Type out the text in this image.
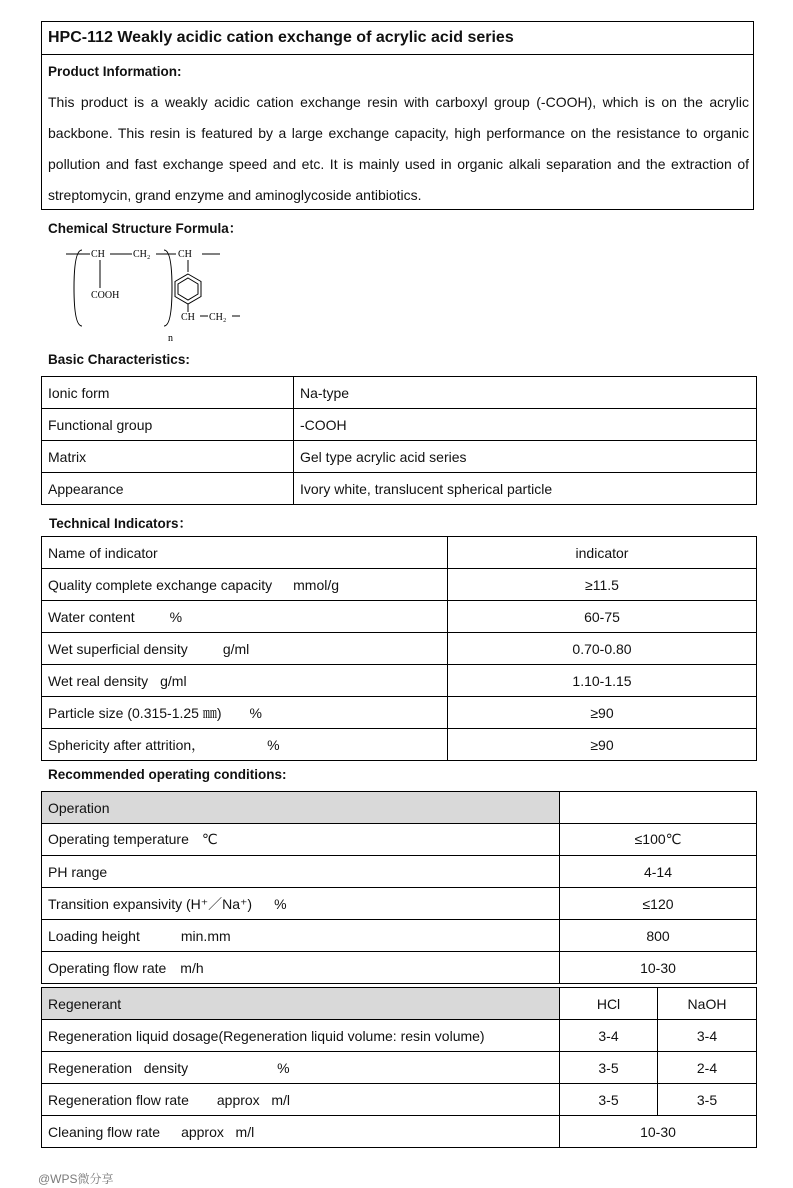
HPC-112 Weakly acidic cation exchange of acrylic acid series
Product Information:
This product is a weakly acidic cation exchange resin with carboxyl group (-COOH), which is on the acrylic backbone. This resin is featured by a large exchange capacity, high performance on the resistance to organic pollution and fast exchange speed and etc. It is mainly used in organic alkali separation and the extraction of streptomycin, grand enzyme and aminoglycoside antibiotics.
Chemical Structure Formula：
CH	CH₂	CH
COOH
CH CH₂
n
Basic Characteristics:
Ionic form	Na-type
Functional group	-COOH
Matrix	Gel type acrylic acid series
Appearance	Ivory white, translucent spherical particle
Technical Indicators：
Name of indicator	indicator
Quality complete exchange capacity mmol/g	≥11.5
Water content %	60-75
Wet superficial density g/ml	0.70-0.80
Wet real density g/ml	1.10-1.15
Particle size (0.315-1.25 ㎜) %	≥90
Sphericity after attrition， %	≥90
Recommended operating conditions:
Operation	
Operating temperature ℃	≤100℃
PH range	4-14
Transition expansivity (H⁺／Na⁺) %	≤120
Loading height min.mm	800
Operating flow rate m/h	10-30
Regenerant	HCl	NaOH
Regeneration liquid dosage(Regeneration liquid volume: resin volume)	3-4	3-4
Regeneration   density %	3-5	2-4
Regeneration flow rate approx   m/l	3-5	3-5
Cleaning flow rate approx   m/l	10-30	
@WPS微分享
